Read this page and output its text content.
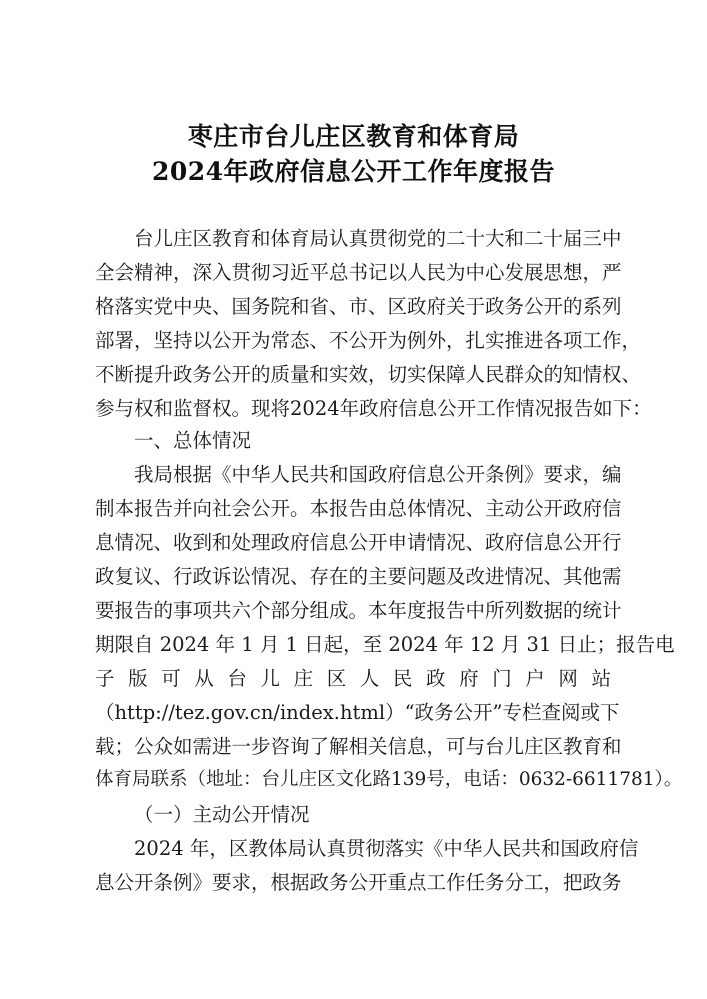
枣庄市台儿庄区教育和体育局
2024年政府信息公开工作年度报告
台儿庄区教育和体育局认真贯彻党的二十大和二十届三中
全会精神，深入贯彻习近平总书记以人民为中心发展思想，严
格落实党中央、国务院和省、市、区政府关于政务公开的系列
部署，坚持以公开为常态、不公开为例外，扎实推进各项工作，
不断提升政务公开的质量和实效，切实保障人民群众的知情权、
参与权和监督权。现将2024年政府信息公开工作情况报告如下：
一、总体情况
我局根据《中华人民共和国政府信息公开条例》要求，编
制本报告并向社会公开。本报告由总体情况、主动公开政府信
息情况、收到和处理政府信息公开申请情况、政府信息公开行
政复议、行政诉讼情况、存在的主要问题及改进情况、其他需
要报告的事项共六个部分组成。本年度报告中所列数据的统计
期限自 2024 年 1 月 1 日起，至 2024 年 12 月 31 日止；报告电
子版可从台儿庄区人民政府门户网站
（http://tez.gov.cn/index.html）“政务公开”专栏查阅或下
载；公众如需进一步咨询了解相关信息，可与台儿庄区教育和
体育局联系（地址：台儿庄区文化路139号，电话：0632-6611781）。
（一）主动公开情况
2024 年，区教体局认真贯彻落实《中华人民共和国政府信
息公开条例》要求，根据政务公开重点工作任务分工，把政务
